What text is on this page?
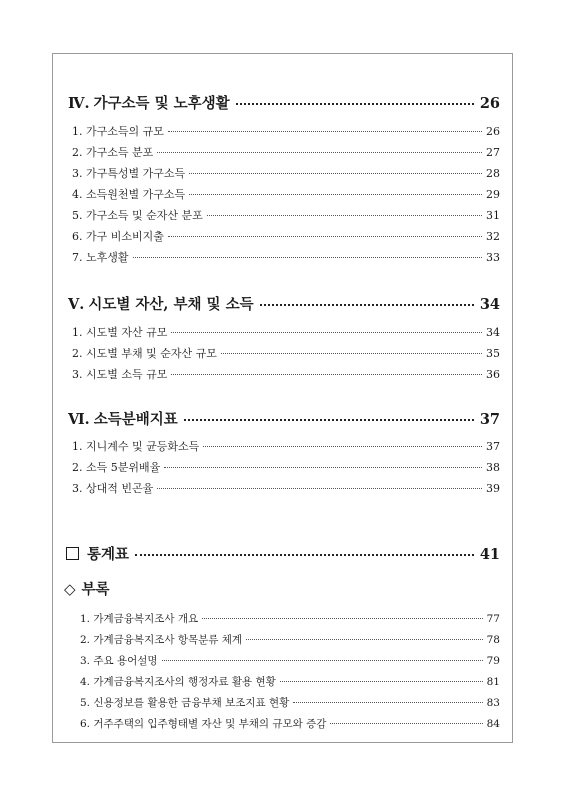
Ⅳ. 가구소득 및 노후생활	26
1. 가구소득의 규모	26
2. 가구소득 분포	27
3. 가구특성별 가구소득	28
4. 소득원천별 가구소득	29
5. 가구소득 및 순자산 분포	31
6. 가구 비소비지출	32
7. 노후생활	33
Ⅴ. 시도별 자산, 부채 및 소득	34
1. 시도별 자산 규모	34
2. 시도별 부채 및 순자산 규모	35
3. 시도별 소득 규모	36
Ⅵ. 소득분배지표	37
1. 지니계수 및 균등화소득	37
2. 소득 5분위배율	38
3. 상대적 빈곤율	39
통계표	41
◇ 부록
1. 가계금융복지조사 개요	77
2. 가계금융복지조사 항목분류 체계	78
3. 주요 용어설명	79
4. 가계금융복지조사의 행정자료 활용 현황	81
5. 신용정보를 활용한 금융부채 보조지표 현황	83
6. 거주주택의 입주형태별 자산 및 부채의 규모와 증감	84
